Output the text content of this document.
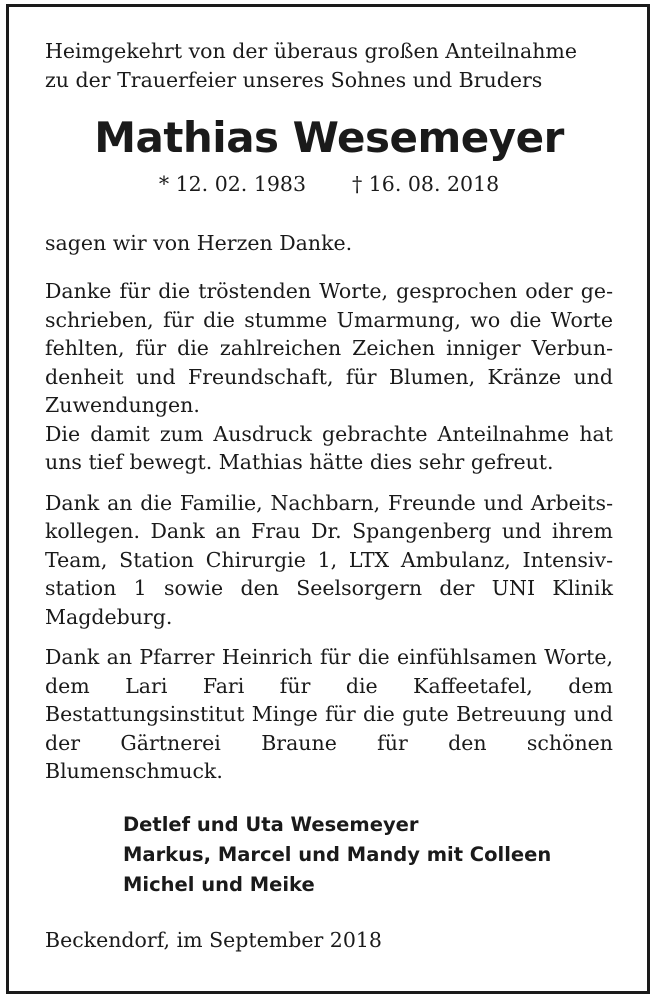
Heimgekehrt von der überaus großen Anteilnahme
zu der Trauerfeier unseres Sohnes und Bruders

Mathias Wesemeyer

* 12. 02. 1983 † 16. 08. 2018

sagen wir von Herzen Danke.

Danke für die tröstenden Worte, gesprochen oder geschrieben, für die stumme Umarmung, wo die Worte fehlten, für die zahlreichen Zeichen inniger Verbundenheit und Freundschaft, für Blumen, Kränze und Zuwendungen.

Die damit zum Ausdruck gebrachte Anteilnahme hat uns tief bewegt. Mathias hätte dies sehr gefreut.

Dank an die Familie, Nachbarn, Freunde und Arbeitskollegen. Dank an Frau Dr. Spangenberg und ihrem Team, Station Chirurgie 1, LTX Ambulanz, Intensivstation 1 sowie den Seelsorgern der UNI Klinik Magdeburg.

Dank an Pfarrer Heinrich für die einfühlsamen Worte, dem Lari Fari für die Kaffeetafel, dem Bestattungsinstitut Minge für die gute Betreuung und der Gärtnerei Braune für den schönen Blumenschmuck.

Detlef und Uta Wesemeyer
Markus, Marcel und Mandy mit Colleen
Michel und Meike

Beckendorf, im September 2018
